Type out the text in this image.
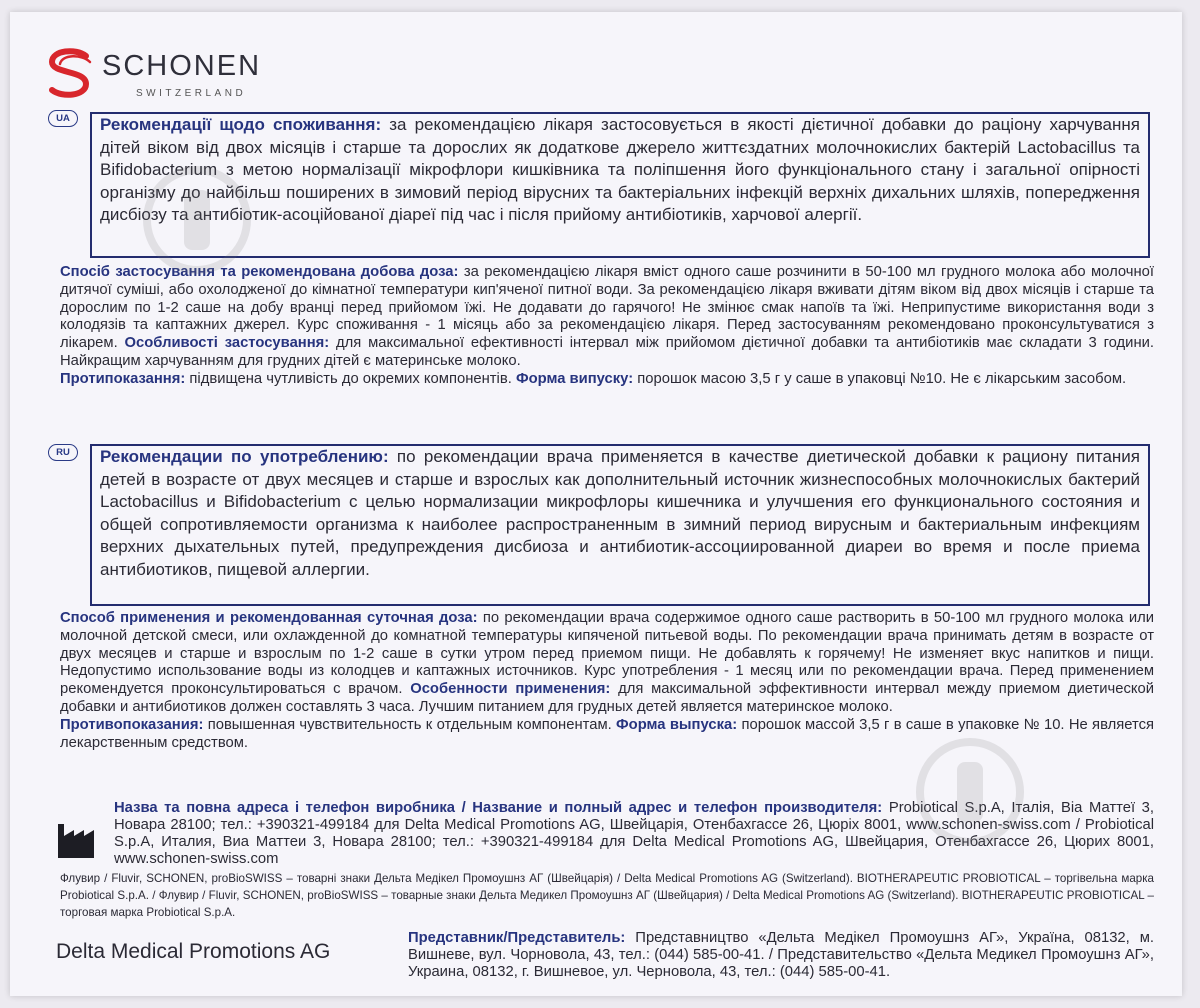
SCHONEN
SWITZERLAND
UA	Рекомендації щодо споживання: за рекомендацією лікаря застосовується в якості дієтичної добавки до раціону харчування дітей віком від двох місяців і старше та дорослих як додаткове джерело життєздатних молочнокислих бактерій Lactobacillus та Bifidobacterium з метою нормалізації мікрофлори кишківника та поліпшення його функціонального стану і загальної опірності організму до найбільш поширених в зимовий період вірусних та бактеріальних інфекцій верхніх дихальних шляхів, попередження дисбіозу та антибіотик-асоційованої діареї під час і після прийому антибіотиків, харчової алергії.

Спосіб застосування та рекомендована добова доза: за рекомендацією лікаря вміст одного саше розчинити в 50-100 мл грудного молока або молочної дитячої суміші, або охолодженої до кімнатної температури кип'яченої питної води. За рекомендацією лікаря вживати дітям віком від двох місяців і старше та дорослим по 1-2 саше на добу вранці перед прийомом їжі. Не додавати до гарячого! Не змінює смак напоїв та їжі. Неприпустиме використання води з колодязів та каптажних джерел. Курс споживання - 1 місяць або за рекомендацією лікаря. Перед застосуванням рекомендовано проконсультуватися з лікарем. Особливості застосування: для максимальної ефективності інтервал між прийомом дієтичної добавки та антибіотиків має складати 3 години. Найкращим харчуванням для грудних дітей є материнське молоко.

Протипоказання: підвищена чутливість до окремих компонентів. Форма випуску: порошок масою 3,5 г у саше в упаковці №10. Не є лікарським засобом.

RU	Рекомендации по употреблению: по рекомендации врача применяется в качестве диетической добавки к рациону питания детей в возрасте от двух месяцев и старше и взрослых как дополнительный источник жизнеспособных молочнокислых бактерий Lactobacillus и Bifidobacterium с целью нормализации микрофлоры кишечника и улучшения его функционального состояния и общей сопротивляемости организма к наиболее распространенным в зимний период вирусным и бактериальным инфекциям верхних дыхательных путей, предупреждения дисбиоза и антибиотик-ассоциированной диареи во время и после приема антибиотиков, пищевой аллергии.

Способ применения и рекомендованная суточная доза: по рекомендации врача содержимое одного саше растворить в 50-100 мл грудного молока или молочной детской смеси, или охлажденной до комнатной температуры кипяченой питьевой воды. По рекомендации врача принимать детям в возрасте от двух месяцев и старше и взрослым по 1-2 саше в сутки утром перед приемом пищи. Не добавлять к горячему! Не изменяет вкус напитков и пищи. Недопустимо использование воды из колодцев и каптажных источников. Курс употребления - 1 месяц или по рекомендации врача. Перед применением рекомендуется проконсультироваться с врачом. Особенности применения: для максимальной эффективности интервал между приемом диетической добавки и антибиотиков должен составлять 3 часа. Лучшим питанием для грудных детей является материнское молоко.

Противопоказания: повышенная чувствительность к отдельным компонентам. Форма выпуска: порошок массой 3,5 г в саше в упаковке № 10. Не является лекарственным средством.

Назва та повна адреса і телефон виробника / Название и полный адрес и телефон производителя: Probiotical S.p.A, Італія, Віа Маттеї 3, Новара 28100; тел.: +390321-499184 для Delta Medical Promotions AG, Швейцарія, Отенбахгассе 26, Цюріх 8001, www.schonen-swiss.com / Probiotical S.p.A, Италия, Виа Маттеи 3, Новара 28100; тел.: +390321-499184 для Delta Medical Promotions AG, Швейцария, Отенбахгассе 26, Цюрих 8001, www.schonen-swiss.com
Флувир / Fluvir, SCHONEN, proBioSWISS – товарні знаки Дельта Медікел Промоушнз АГ (Швейцарія) / Delta Medical Promotions AG (Switzerland). BIOTHERAPEUTIC PROBIOTICAL – торгівельна марка Probiotical S.p.A. / Флувир / Fluvir, SCHONEN, proBioSWISS – товарные знаки Дельта Медикел Промоушнз АГ (Швейцария) / Delta Medical Promotions AG (Switzerland). BIOTHERAPEUTIC PROBIOTICAL – торговая марка Probiotical S.p.A.
Delta Medical Promotions AG
Представник/Представитель: Представництво «Дельта Медікел Промоушнз АГ», Україна, 08132, м. Вишневе, вул. Чорновола, 43, тел.: (044) 585-00-41. / Представительство «Дельта Медикел Промоушнз АГ», Украина, 08132, г. Вишневое, ул. Черновола, 43, тел.: (044) 585-00-41.
